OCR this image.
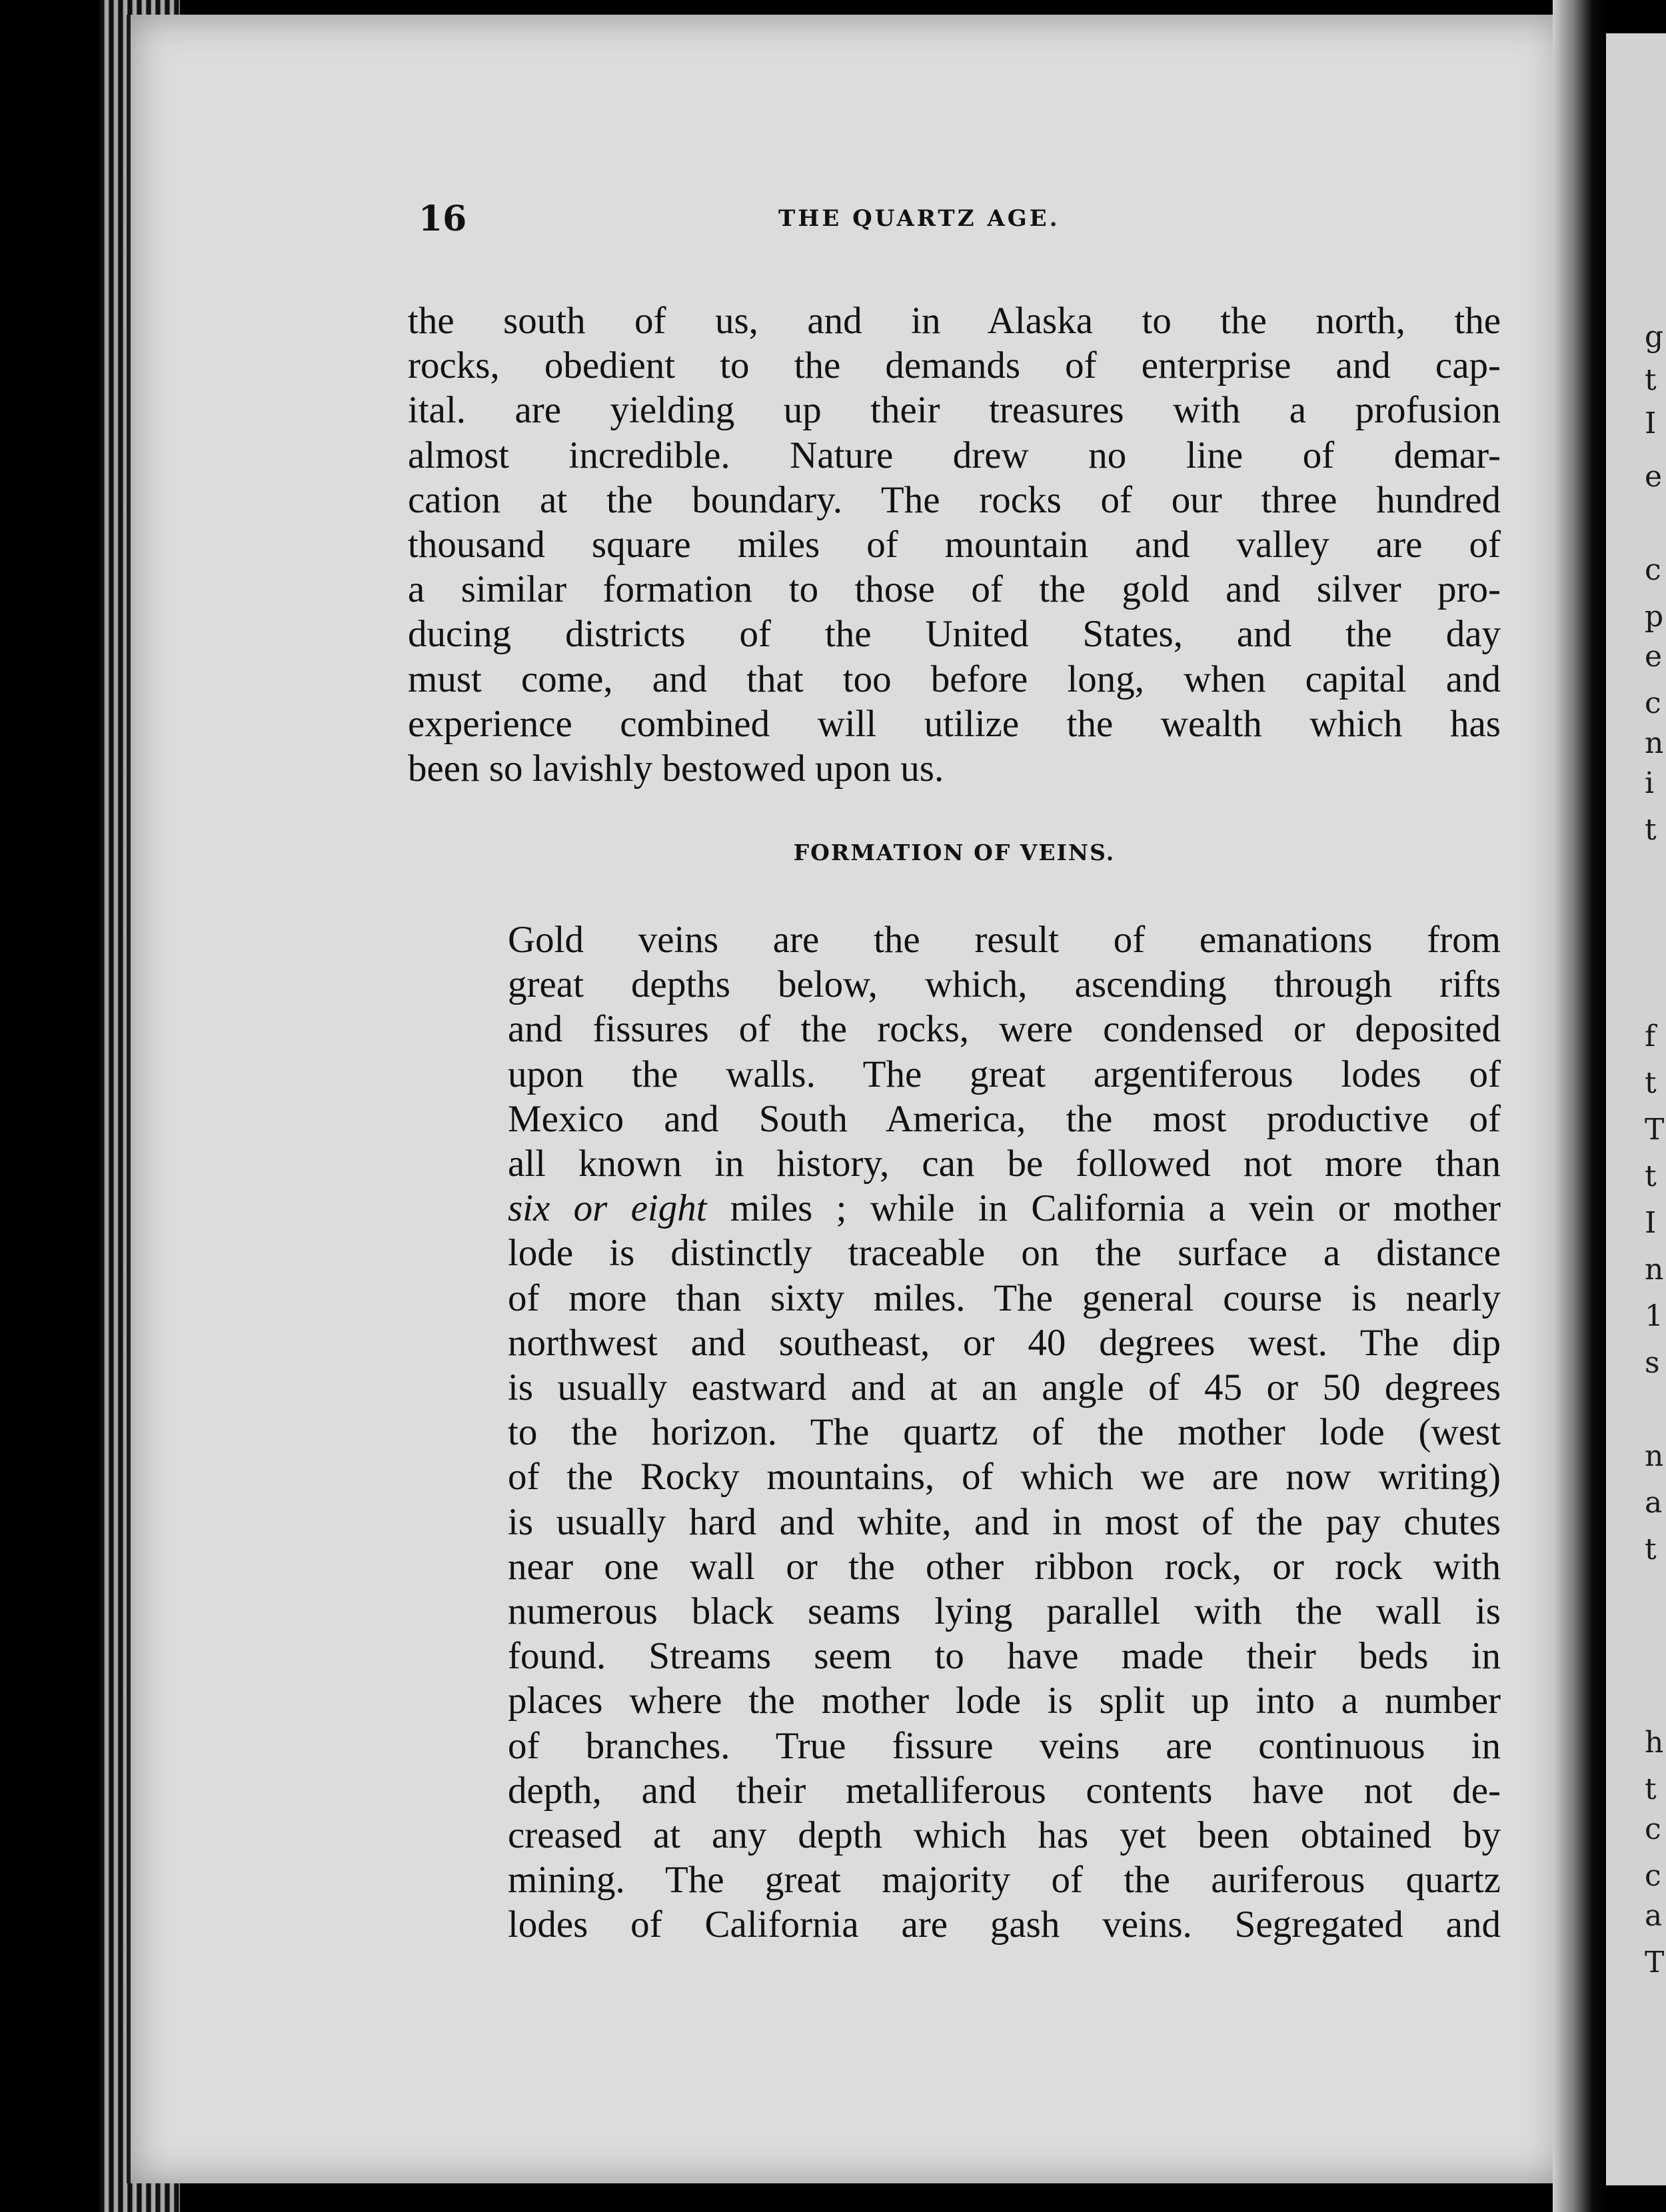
g
t
I
e
c
p
e
c
n
i
t
f
t
T
t
I
n
1
s
n
a
t
h
t
c
c
a
T
16	THE QUARTZ AGE.
the south of us, and in Alaska to the north, the
rocks, obedient to the demands of enterprise and cap-
ital. are yielding up their treasures with a profusion
almost incredible. Nature drew no line of demar-
cation at the boundary. The rocks of our three hundred
thousand square miles of mountain and valley are of
a similar formation to those of the gold and silver pro-
ducing districts of the United States, and the day
must come, and that too before long, when capital and
experience combined will utilize the wealth which has
been so lavishly bestowed upon us.
FORMATION OF VEINS.
Gold veins are the result of emanations from
great depths below, which, ascending through rifts
and fissures of the rocks, were condensed or deposited
upon the walls. The great argentiferous lodes of
Mexico and South America, the most productive of
all known in history, can be followed not more than
six or eight miles ; while in California a vein or mother
lode is distinctly traceable on the surface a distance
of more than sixty miles. The general course is nearly
northwest and southeast, or 40 degrees west. The dip
is usually eastward and at an angle of 45 or 50 degrees
to the horizon. The quartz of the mother lode (west
of the Rocky mountains, of which we are now writing)
is usually hard and white, and in most of the pay chutes
near one wall or the other ribbon rock, or rock with
numerous black seams lying parallel with the wall is
found. Streams seem to have made their beds in
places where the mother lode is split up into a number
of branches. True fissure veins are continuous in
depth, and their metalliferous contents have not de-
creased at any depth which has yet been obtained by
mining. The great majority of the auriferous quartz
lodes of California are gash veins. Segregated and
